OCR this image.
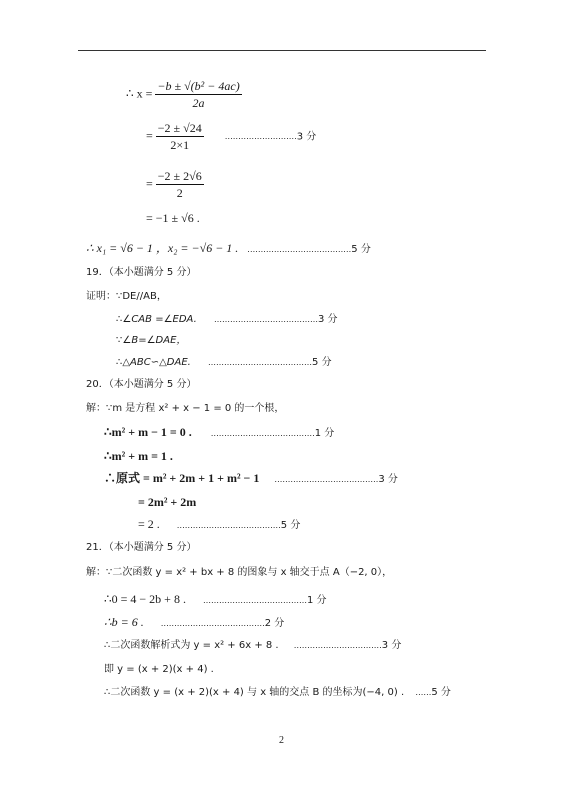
∴ $x = \frac{\text{−b ± √(b² − 4ac)}}{2a}$
= $\frac{-2 \pm √24}{2\times 1}$	………………………3 分
= $\frac{-2 \pm 2√6}{2}$
= −1 ± √6 .
∴ x₁ = √6 − 1 ，x₂ = −√6 − 1 . …………………………………5 分
19．（本小题满分 5 分）
证明：∵DE//AB，
∴∠CAB =∠EDA. …………………………………3 分
∵∠B=∠DAE，
∴△ABC∽△DAE. …………………………………5 分
20．（本小题满分 5 分）
解：∵m 是方程 x² + x − 1 = 0 的一个根，
∴m² + m − 1 = 0 . …………………………………1 分
∴m² + m = 1 .
∴原式 = m² + 2m + 1 + m² − 1 …………………………………3 分
= 2m² + 2m
= 2 . …………………………………5 分
21．（本小题满分 5 分）
解：∵二次函数 y = x² + bx + 8 的图象与 x 轴交于点 A（−2, 0），
∴0 = 4 − 2b + 8 . …………………………………1 分
∴b = 6 . …………………………………2 分
∴二次函数解析式为 y = x² + 6x + 8 . ……………………………3 分
即 y = (x + 2)(x + 4) .
∴二次函数 y = (x + 2)(x + 4) 与 x 轴的交点 B 的坐标为(−4, 0) . ……5 分
2
